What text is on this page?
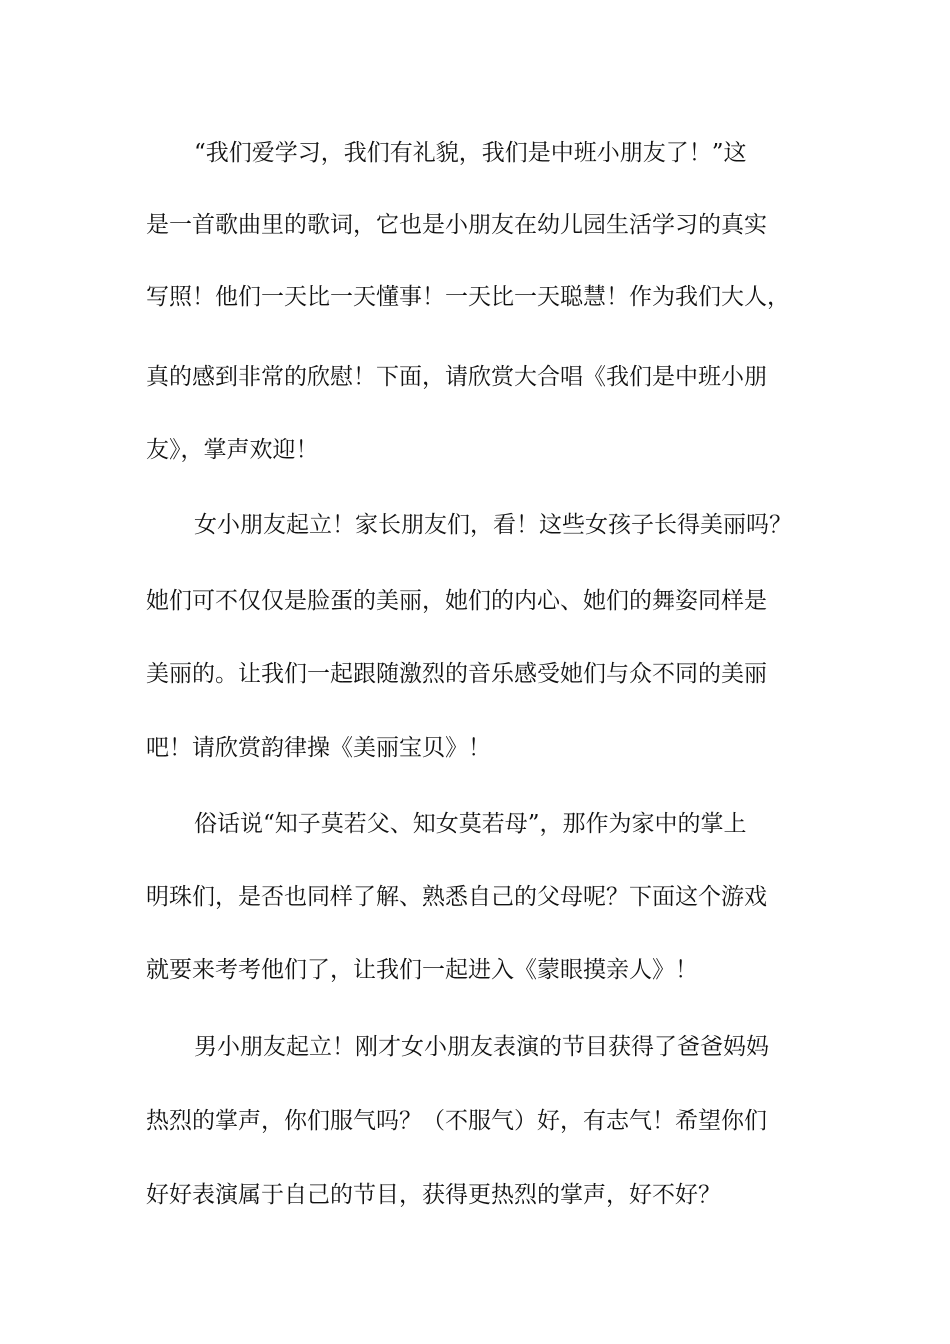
“我们爱学习，我们有礼貌，我们是中班小朋友了！”这
是一首歌曲里的歌词，它也是小朋友在幼儿园生活学习的真实
写照！他们一天比一天懂事！一天比一天聪慧！作为我们大人，
真的感到非常的欣慰！下面，请欣赏大合唱《我们是中班小朋
友》，掌声欢迎！
女小朋友起立！家长朋友们，看！这些女孩子长得美丽吗？
她们可不仅仅是脸蛋的美丽，她们的内心、她们的舞姿同样是
美丽的。让我们一起跟随激烈的音乐感受她们与众不同的美丽
吧！请欣赏韵律操《美丽宝贝》！
俗话说“知子莫若父、知女莫若母”，那作为家中的掌上
明珠们，是否也同样了解、熟悉自己的父母呢？下面这个游戏
就要来考考他们了，让我们一起进入《蒙眼摸亲人》！
男小朋友起立！刚才女小朋友表演的节目获得了爸爸妈妈
热烈的掌声，你们服气吗？（不服气）好，有志气！希望你们
好好表演属于自己的节目，获得更热烈的掌声，好不好？
